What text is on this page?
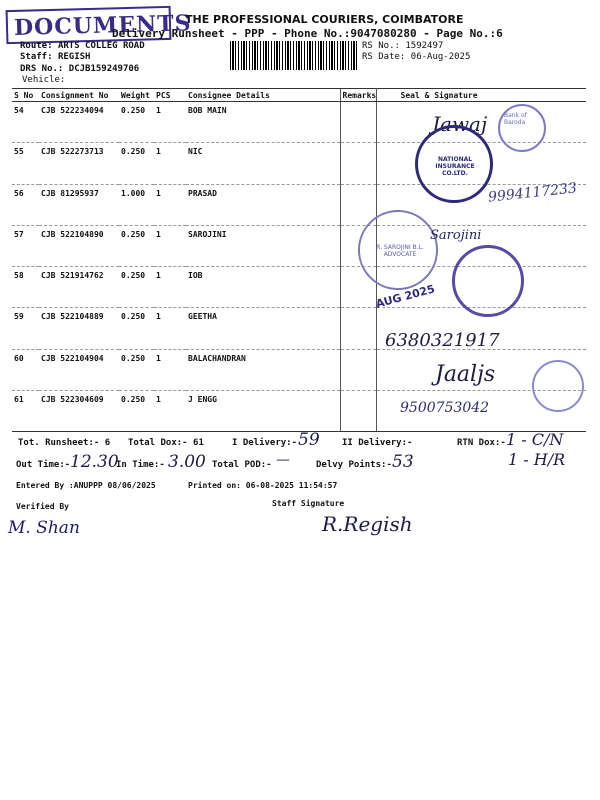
DOCUMENTS
THE PROFESSIONAL COURIERS, COIMBATORE
Delivery Runsheet - PPP - Phone No.:9047080280 - Page No.:6
Route: ARTS COLLEG ROAD
Staff: REGISH
DRS No.: DCJB159249706
Vehicle:
RS No.: 1592497
RS Date: 06-Aug-2025
S No	Consignment No	Weight	PCS	Consignee Details	Remarks	Seal & Signature
54	CJB 522234094	0.250	1	BOB MAIN		
55	CJB 522273713	0.250	1	NIC		
56	CJB 81295937	1.000	1	PRASAD		
57	CJB 522104890	0.250	1	SAROJINI		
58	CJB 521914762	0.250	1	IOB		
59	CJB 522104889	0.250	1	GEETHA		
60	CJB 522104904	0.250	1	BALACHANDRAN		
61	CJB 522304609	0.250	1	J ENGG		
Bank of Baroda
Jawaj
NATIONAL INSURANCE CO.LTD.
9994117233
R. SAROJINI B.L. ADVOCATE
Sarojini
AUG 2025
6380321917
Jaaljs
9500753042
Tot. Runsheet:- 6 Total Dox:- 61	I Delivery:- 59 II Delivery:-	RTN Dox:- 1 - C/N
1 - H/R
Out Time:- 12.30
In Time:- 3.00 Total POD:- —	Delvy Points:- 53
Entered By :ANUPPP 08/06/2025	Printed on: 06-08-2025 11:54:57
Verified By	Staff Signature
M. Shan	R.Regish
